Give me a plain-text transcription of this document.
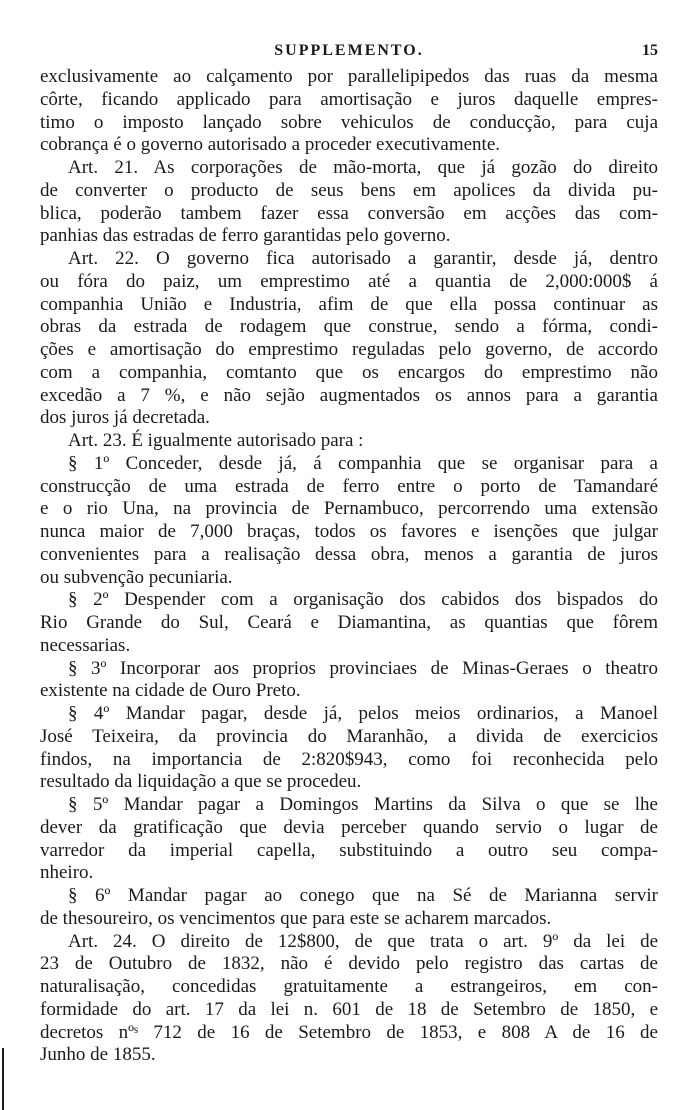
SUPPLEMENTO.	15
exclusivamente ao calçamento por parallelipipedos das ruas da mesma
côrte, ficando applicado para amortisação e juros daquelle empres-
timo o imposto lançado sobre vehiculos de conducção, para cuja
cobrança é o governo autorisado a proceder executivamente.
Art. 21. As corporações de mão-morta, que já gozão do direito
de converter o producto de seus bens em apolices da divida pu-
blica, poderão tambem fazer essa conversão em acções das com-
panhias das estradas de ferro garantidas pelo governo.
Art. 22. O governo fica autorisado a garantir, desde já, dentro
ou fóra do paiz, um emprestimo até a quantia de 2,000:000$ á
companhia União e Industria, afim de que ella possa continuar as
obras da estrada de rodagem que construe, sendo a fórma, condi-
ções e amortisação do emprestimo reguladas pelo governo, de accordo
com a companhia, comtanto que os encargos do emprestimo não
excedão a 7 %, e não sejão augmentados os annos para a garantia
dos juros já decretada.
Art. 23. É igualmente autorisado para :
§ 1º Conceder, desde já, á companhia que se organisar para a
construcção de uma estrada de ferro entre o porto de Tamandaré
e o rio Una, na provincia de Pernambuco, percorrendo uma extensão
nunca maior de 7,000 braças, todos os favores e isenções que julgar
convenientes para a realisação dessa obra, menos a garantia de juros
ou subvenção pecuniaria.
§ 2º Despender com a organisação dos cabidos dos bispados do
Rio Grande do Sul, Ceará e Diamantina, as quantias que fôrem
necessarias.
§ 3º Incorporar aos proprios provinciaes de Minas-Geraes o theatro
existente na cidade de Ouro Preto.
§ 4º Mandar pagar, desde já, pelos meios ordinarios, a Manoel
José Teixeira, da provincia do Maranhão, a divida de exercicios
findos, na importancia de 2:820$943, como foi reconhecida pelo
resultado da liquidação a que se procedeu.
§ 5º Mandar pagar a Domingos Martins da Silva o que se lhe
dever da gratificação que devia perceber quando servio o lugar de
varredor da imperial capella, substituindo a outro seu compa-
nheiro.
§ 6º Mandar pagar ao conego que na Sé de Marianna servir
de thesoureiro, os vencimentos que para este se acharem marcados.
Art. 24. O direito de 12$800, de que trata o art. 9º da lei de
23 de Outubro de 1832, não é devido pelo registro das cartas de
naturalisação, concedidas gratuitamente a estrangeiros, em con-
formidade do art. 17 da lei n. 601 de 18 de Setembro de 1850, e
decretos nºˢ 712 de 16 de Setembro de 1853, e 808 A de 16 de
Junho de 1855.
